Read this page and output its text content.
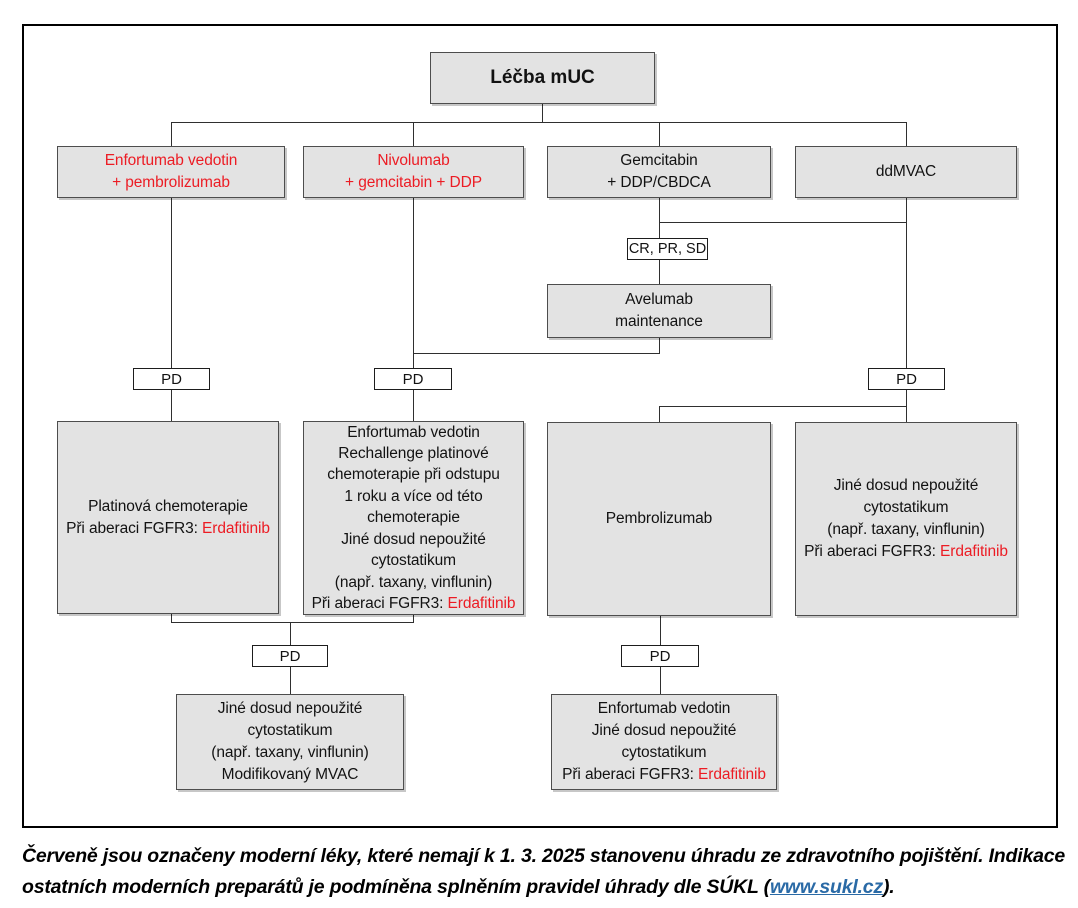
Léčba mUC
Enfortumab vedotin
+ pembrolizumab
Nivolumab
+ gemcitabin + DDP
Gemcitabin
+ DDP/CBDCA
ddMVAC
CR, PR, SD
Avelumab
maintenance
PD	PD	PD
Platinová chemoterapie
Při aberaci FGFR3: Erdafitinib
Enfortumab vedotin
Rechallenge platinové
chemoterapie při odstupu
1 roku a více od této
chemoterapie
Jiné dosud nepoužité
cytostatikum
(např. taxany, vinflunin)
Při aberaci FGFR3: Erdafitinib
Pembrolizumab
Jiné dosud nepoužité
cytostatikum
(např. taxany, vinflunin)
Při aberaci FGFR3: Erdafitinib
PD	PD
Jiné dosud nepoužité
cytostatikum
(např. taxany, vinflunin)
Modifikovaný MVAC
Enfortumab vedotin
Jiné dosud nepoužité
cytostatikum
Při aberaci FGFR3: Erdafitinib
Červeně jsou označeny moderní léky, které nemají k 1. 3. 2025 stanovenu úhradu ze zdravotního pojištění. Indikace
ostatních moderních preparátů je podmíněna splněním pravidel úhrady dle SÚKL (www.sukl.cz).
